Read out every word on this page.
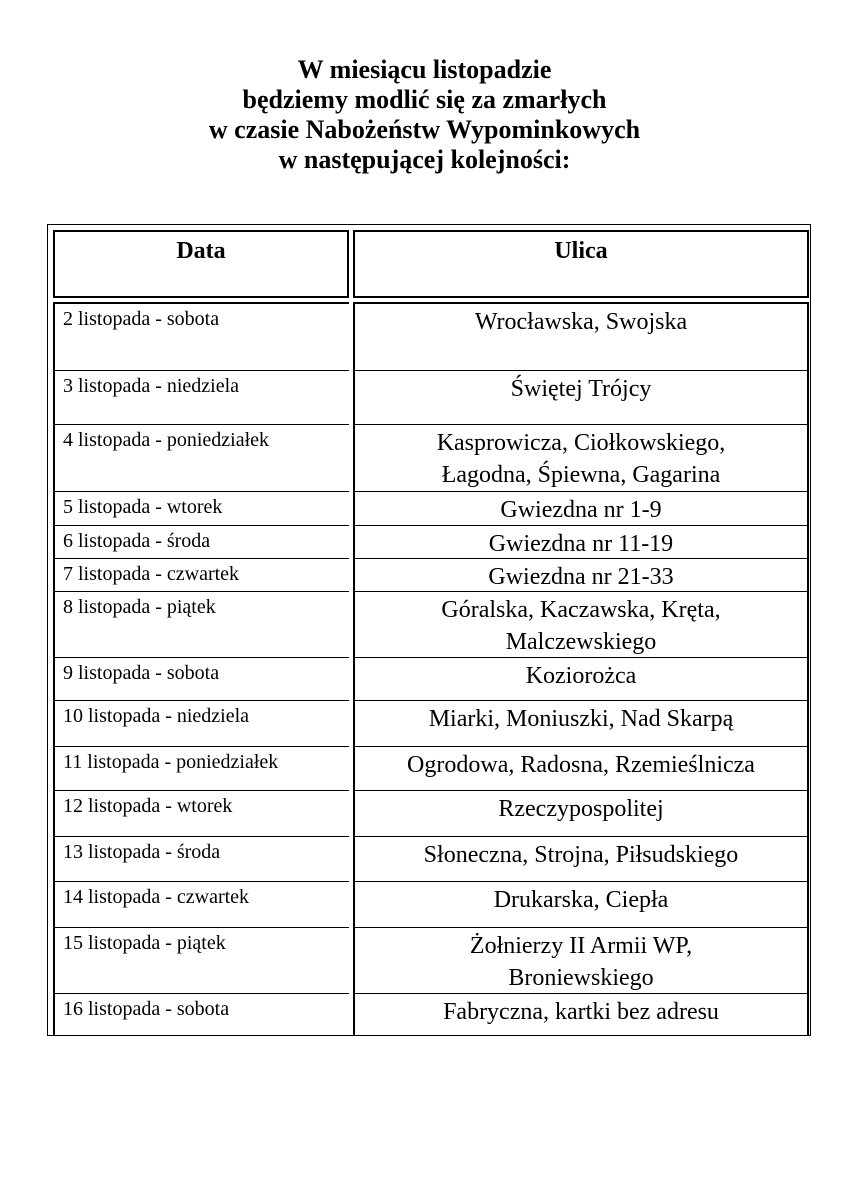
W miesiącu listopadzie
będziemy modlić się za zmarłych
w czasie Nabożeństw Wypominkowych
w następującej kolejności:
Data	Ulica
2 listopada - sobota
3 listopada - niedziela
4 listopada - poniedziałek
5 listopada - wtorek
6 listopada - środa
7 listopada - czwartek
8 listopada - piątek
9 listopada - sobota
10 listopada - niedziela
11 listopada - poniedziałek
12 listopada - wtorek
13 listopada - środa
14 listopada - czwartek
15 listopada - piątek
16 listopada - sobota
Wrocławska, Swojska
Świętej Trójcy
Kasprowicza, Ciołkowskiego,
Łagodna, Śpiewna, Gagarina
Gwiezdna nr 1-9
Gwiezdna nr 11-19
Gwiezdna nr 21-33
Góralska, Kaczawska, Kręta,
Malczewskiego
Koziorożca
Miarki, Moniuszki, Nad Skarpą
Ogrodowa, Radosna, Rzemieślnicza
Rzeczypospolitej
Słoneczna, Strojna, Piłsudskiego
Drukarska, Ciepła
Żołnierzy II Armii WP,
Broniewskiego
Fabryczna, kartki bez adresu
